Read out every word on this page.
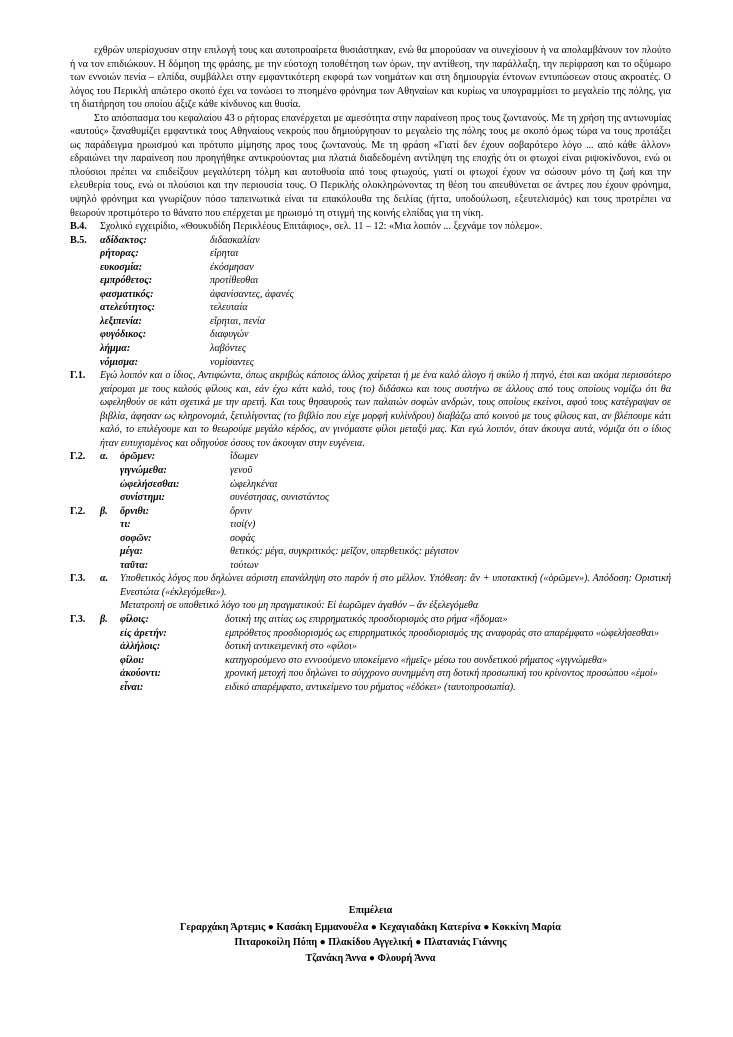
εχθρών υπερίσχυσαν στην επιλογή τους και αυτοπροαίρετα θυσιάστηκαν, ενώ θα μπορούσαν να συνεχίσουν ή να απολαμβάνουν τον πλούτο ή να τον επιδιώκουν. Η δόμηση της φράσης, με την εύστοχη τοποθέτηση των όρων, την αντίθεση, την παράλλαξη, την περίφραση και το οξύμωρο των εννοιών πενία – ελπίδα, συμβάλλει στην εμφαντικότερη εκφορά των νοημάτων και στη δημιουργία έντονων εντυπώσεων στους ακροατές. Ο λόγος του Περικλή απώτερο σκοπό έχει να τονώσει το πτοημένο φρόνημα των Αθηναίων και κυρίως να υπογραμμίσει το μεγαλείο της πόλης, για τη διατήρηση του οποίου άξιζε κάθε κίνδυνος και θυσία.

Στο απόσπασμα του κεφαλαίου 43 ο ρήτορας επανέρχεται με αμεσότητα στην παραίνεση προς τους ζωντανούς. Με τη χρήση της αντωνυμίας «αυτούς» ξαναθυμίζει εμφαντικά τους Αθηναίους νεκρούς που δημιούργησαν το μεγαλείο της πόλης τους με σκοπό όμως τώρα να τους προτάξει ως παράδειγμα ηρωισμού και πρότυπο μίμησης προς τους ζωντανούς. Με τη φράση «Γιατί δεν έχουν σοβαρότερο λόγο ... από κάθε άλλον» εδραιώνει την παραίνεση που προηγήθηκε αντικρούοντας μια πλατιά διαδεδομένη αντίληψη της εποχής ότι οι φτωχοί είναι ριψοκίνδυνοι, ενώ οι πλούσιοι πρέπει να επιδείξουν μεγαλύτερη τόλμη και αυτοθυσία από τους φτωχούς, γιατί οι φτωχοί έχουν να σώσουν μόνο τη ζωή και την ελευθερία τους, ενώ οι πλούσιοι και την περιουσία τους. Ο Περικλής ολοκληρώνοντας τη θέση του απευθύνεται σε άντρες που έχουν φρόνημα, υψηλό φρόνημα και γνωρίζουν πόσο ταπεινωτικά είναι τα επακόλουθα της δειλίας (ήττα, υποδούλωση, εξευτελισμός) και τους προτρέπει να θεωρούν προτιμότερο το θάνατο που επέρχεται με ηρωισμό τη στιγμή της κοινής ελπίδας για τη νίκη.

Β.4.	Σχολικό εγχειρίδιο, «Θουκυδίδη Περικλέους Επιτάφιος», σελ. 11 – 12: «Μια λοιπόν ... ξεχνάμε τον πόλεμο».
Β.5.	αδίδακτος:	διδασκαλίαν
ρήτορας:	εἴρηται
ευκοσμία:	ἐκόσμησαν
εμπρόθετος:	προτίθεσθαι
φασματικός:	ἀφανίσαντες, ἀφανές
ατελεύτητος:	τελευταία
λεξιπενία:	εἴρηται, πενία
φυγόδικος:	διαφυγών
λήμμα:	λαβόντες
νόμισμα:	νομίσαντες
Γ.1.	Εγώ λοιπόν και ο ίδιος, Αντιφώντα, όπως ακριβώς κάποιος άλλος χαίρεται ή με ένα καλό άλογο ή σκύλο ή πτηνό, έτσι και ακόμα περισσότερο χαίρομαι με τους καλούς φίλους και, εάν έχω κάτι καλό, τους (το) διδάσκω και τους συστήνω σε άλλους από τους οποίους νομίζω ότι θα ωφεληθούν σε κάτι σχετικά με την αρετή. Και τους θησαυρούς των παλαιών σοφών ανδρών, τους οποίους εκείνοι, αφού τους κατέγραψαν σε βιβλία, άφησαν ως κληρονομιά, ξετυλίγοντας (το βιβλίο που είχε μορφή κυλίνδρου) διαβάζω από κοινού με τους φίλους και, αν βλέπουμε κάτι καλό, το επιλέγουμε και το θεωρούμε μεγάλο κέρδος, αν γινόμαστε φίλοι μεταξύ μας. Και εγώ λοιπόν, όταν άκουγα αυτά, νόμιζα ότι ο ίδιος ήταν ευτυχισμένος και οδηγούσε όσους τον άκουγαν στην ευγένεια.
Γ.2.	α.	ὁρῶμεν:	ἴδωμεν
γιγνώμεθα:	γενοῦ
ὠφελήσεσθαι:	ὠφεληκέναι
συνίστημι:	συνέστησας, συνιστάντος
Γ.2.	β.	ὄρνιθι:	ὄρνιν
τι:	τισί(ν)
σοφῶν:	σοφάς
μέγα:	θετικός: μέγα, συγκριτικός: μεῖζον, υπερθετικός: μέγιστον
ταῦτα:	τούτων
Γ.3.	α.	Υποθετικός λόγος που δηλώνει αόριστη επανάληψη στο παρόν ή στο μέλλον. Υπόθεση: ἄν + υποτακτική («ὁρῶμεν»). Απόδοση: Οριστική Ενεστώτα («ἐκλεγόμεθα»).
Μετατροπή σε υποθετικό λόγο του μη πραγματικού: Εἰ ἑωρῶμεν ἀγαθόν – ἄν ἐξελεγόμεθα
Γ.3.	β.	φίλοις:	δοτική της αιτίας ως επιρρηματικός προσδιορισμός στο ρήμα «ἥδομαι»
εἰς ἀρετήν:	εμπρόθετος προσδιορισμός ως επιρρηματικός προσδιορισμός της αναφοράς στο απαρέμφατο «ὠφελήσεσθαι»
ἀλλήλοις:	δοτική αντικειμενική στο «φίλοι»
φίλοι:	κατηγορούμενο στο εννοούμενο υποκείμενο «ἡμεῖς» μέσω του συνδετικού ρήματος «γιγνώμεθα»
ἀκούοντι:	χρονική μετοχή που δηλώνει το σύγχρονο συνημμένη στη δοτική προσωπική του κρίνοντος προσώπου «ἐμοί»
εἶναι:	ειδικό απαρέμφατο, αντικείμενο του ρήματος «ἐδόκει» (ταυτοπροσωπία).
Επιμέλεια
Γεραρχάκη Άρτεμις ● Κασάκη Εμμανουέλα ● Κεχαγιαδάκη Κατερίνα ● Κοκκίνη Μαρία
Πιταροκοίλη Πόπη ● Πλακίδου Αγγελική ● Πλατανιάς Γιάννης
Τζανάκη Άννα ● Φλουρή Άννα
